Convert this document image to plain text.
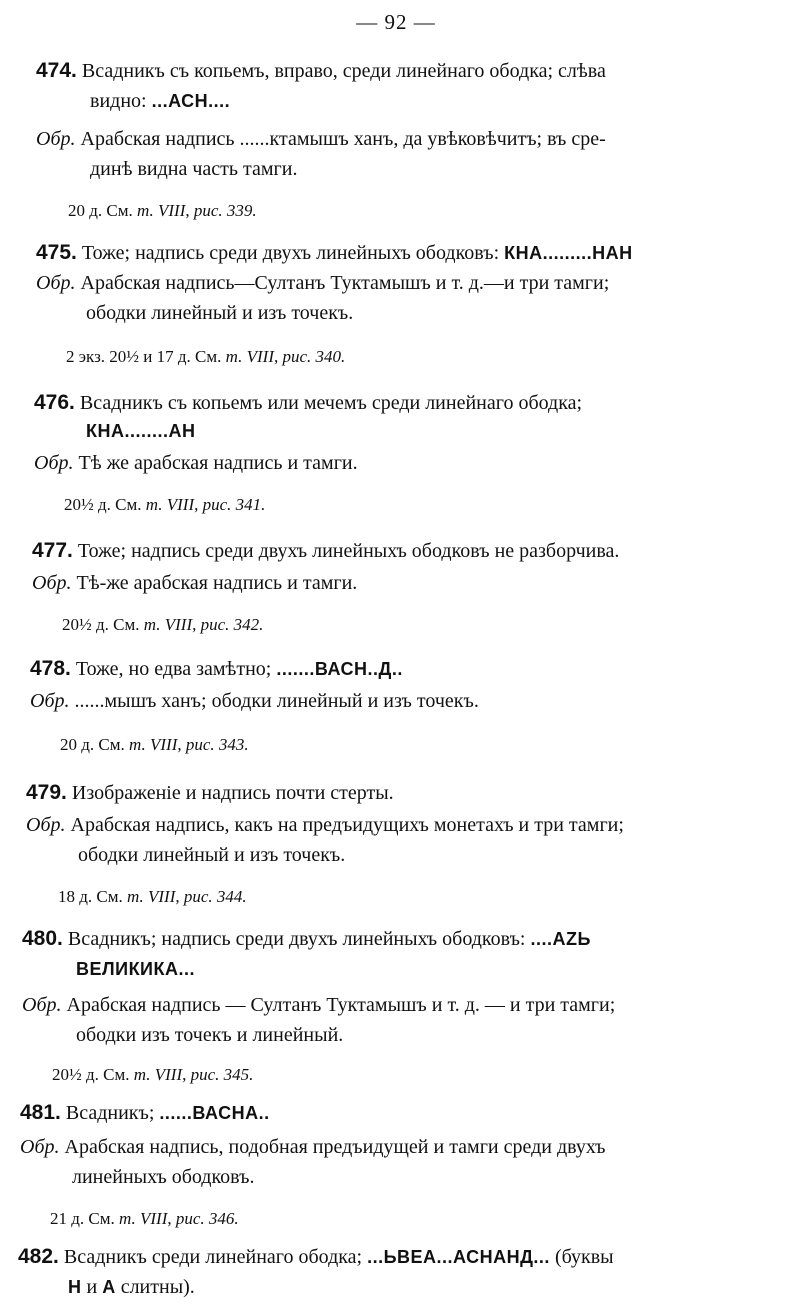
— 92 —
474. Всадникъ съ копьемъ, вправо, среди линейнаго ободка; слѣва
видно: ...АСН....
Обр. Арабская надпись ......ктамышъ ханъ, да увѣковѣчитъ; въ сре-
динѣ видна часть тамги.
20 д. См. т. VIII, рис. 339.
475. Тоже; надпись среди двухъ линейныхъ ободковъ: КНА.........НАН
Обр. Арабская надпись—Султанъ Туктамышъ и т. д.—и три тамги;
ободки линейный и изъ точекъ.
2 экз. 20½ и 17 д. См. т. VIII, рис. 340.
476. Всадникъ съ копьемъ или мечемъ среди линейнаго ободка;
КНА........АН
Обр. Тѣ же арабская надпись и тамги.
20½ д. См. т. VIII, рис. 341.
477. Тоже; надпись среди двухъ линейныхъ ободковъ не разборчива.
Обр. Тѣ-же арабская надпись и тамги.
20½ д. См. т. VIII, рис. 342.
478. Тоже, но едва замѣтно; .......ВАСН..Д..
Обр. ......мышъ ханъ; ободки линейный и изъ точекъ.
20 д. См. т. VIII, рис. 343.
479. Изображеніе и надпись почти стерты.
Обр. Арабская надпись, какъ на предъидущихъ монетахъ и три тамги;
ободки линейный и изъ точекъ.
18 д. См. т. VIII, рис. 344.
480. Всадникъ; надпись среди двухъ линейныхъ ободковъ: ....АZЬ
ВЕЛИКИКА...
Обр. Арабская надпись — Султанъ Туктамышъ и т. д. — и три тамги;
ободки изъ точекъ и линейный.
20½ д. См. т. VIII, рис. 345.
481. Всадникъ; ......ВАСНА..
Обр. Арабская надпись, подобная предъидущей и тамги среди двухъ
линейныхъ ободковъ.
21 д. См. т. VIII, рис. 346.
482. Всадникъ среди линейнаго ободка; ...ЬВЕА...АСНАНД... (буквы
Н и А слитны).
